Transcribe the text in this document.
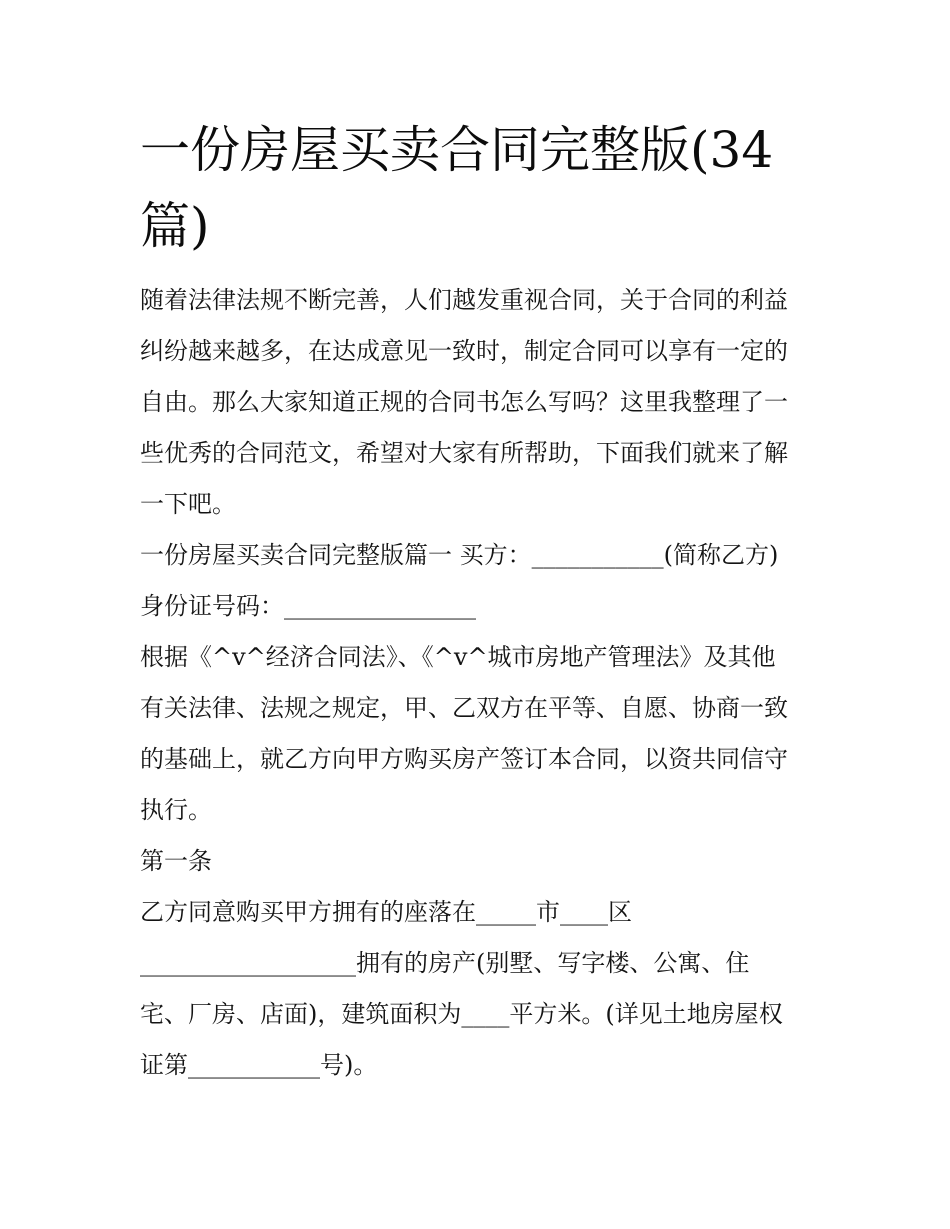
一份房屋买卖合同完整版(34
篇)

随着法律法规不断完善，人们越发重视合同，关于合同的利益
纠纷越来越多，在达成意见一致时，制定合同可以享有一定的
自由。那么大家知道正规的合同书怎么写吗？这里我整理了一
些优秀的合同范文，希望对大家有所帮助，下面我们就来了解
一下吧。

一份房屋买卖合同完整版篇一 买方：___________(简称乙方)
身份证号码：________________

根据《^v^经济合同法》、《^v^城市房地产管理法》及其他
有关法律、法规之规定，甲、乙双方在平等、自愿、协商一致
的基础上，就乙方向甲方购买房产签订本合同，以资共同信守
执行。

第一条

乙方同意购买甲方拥有的座落在_____市____区
__________________拥有的房产(别墅、写字楼、公寓、住
宅、厂房、店面)，建筑面积为____平方米。(详见土地房屋权
证第___________号)。
